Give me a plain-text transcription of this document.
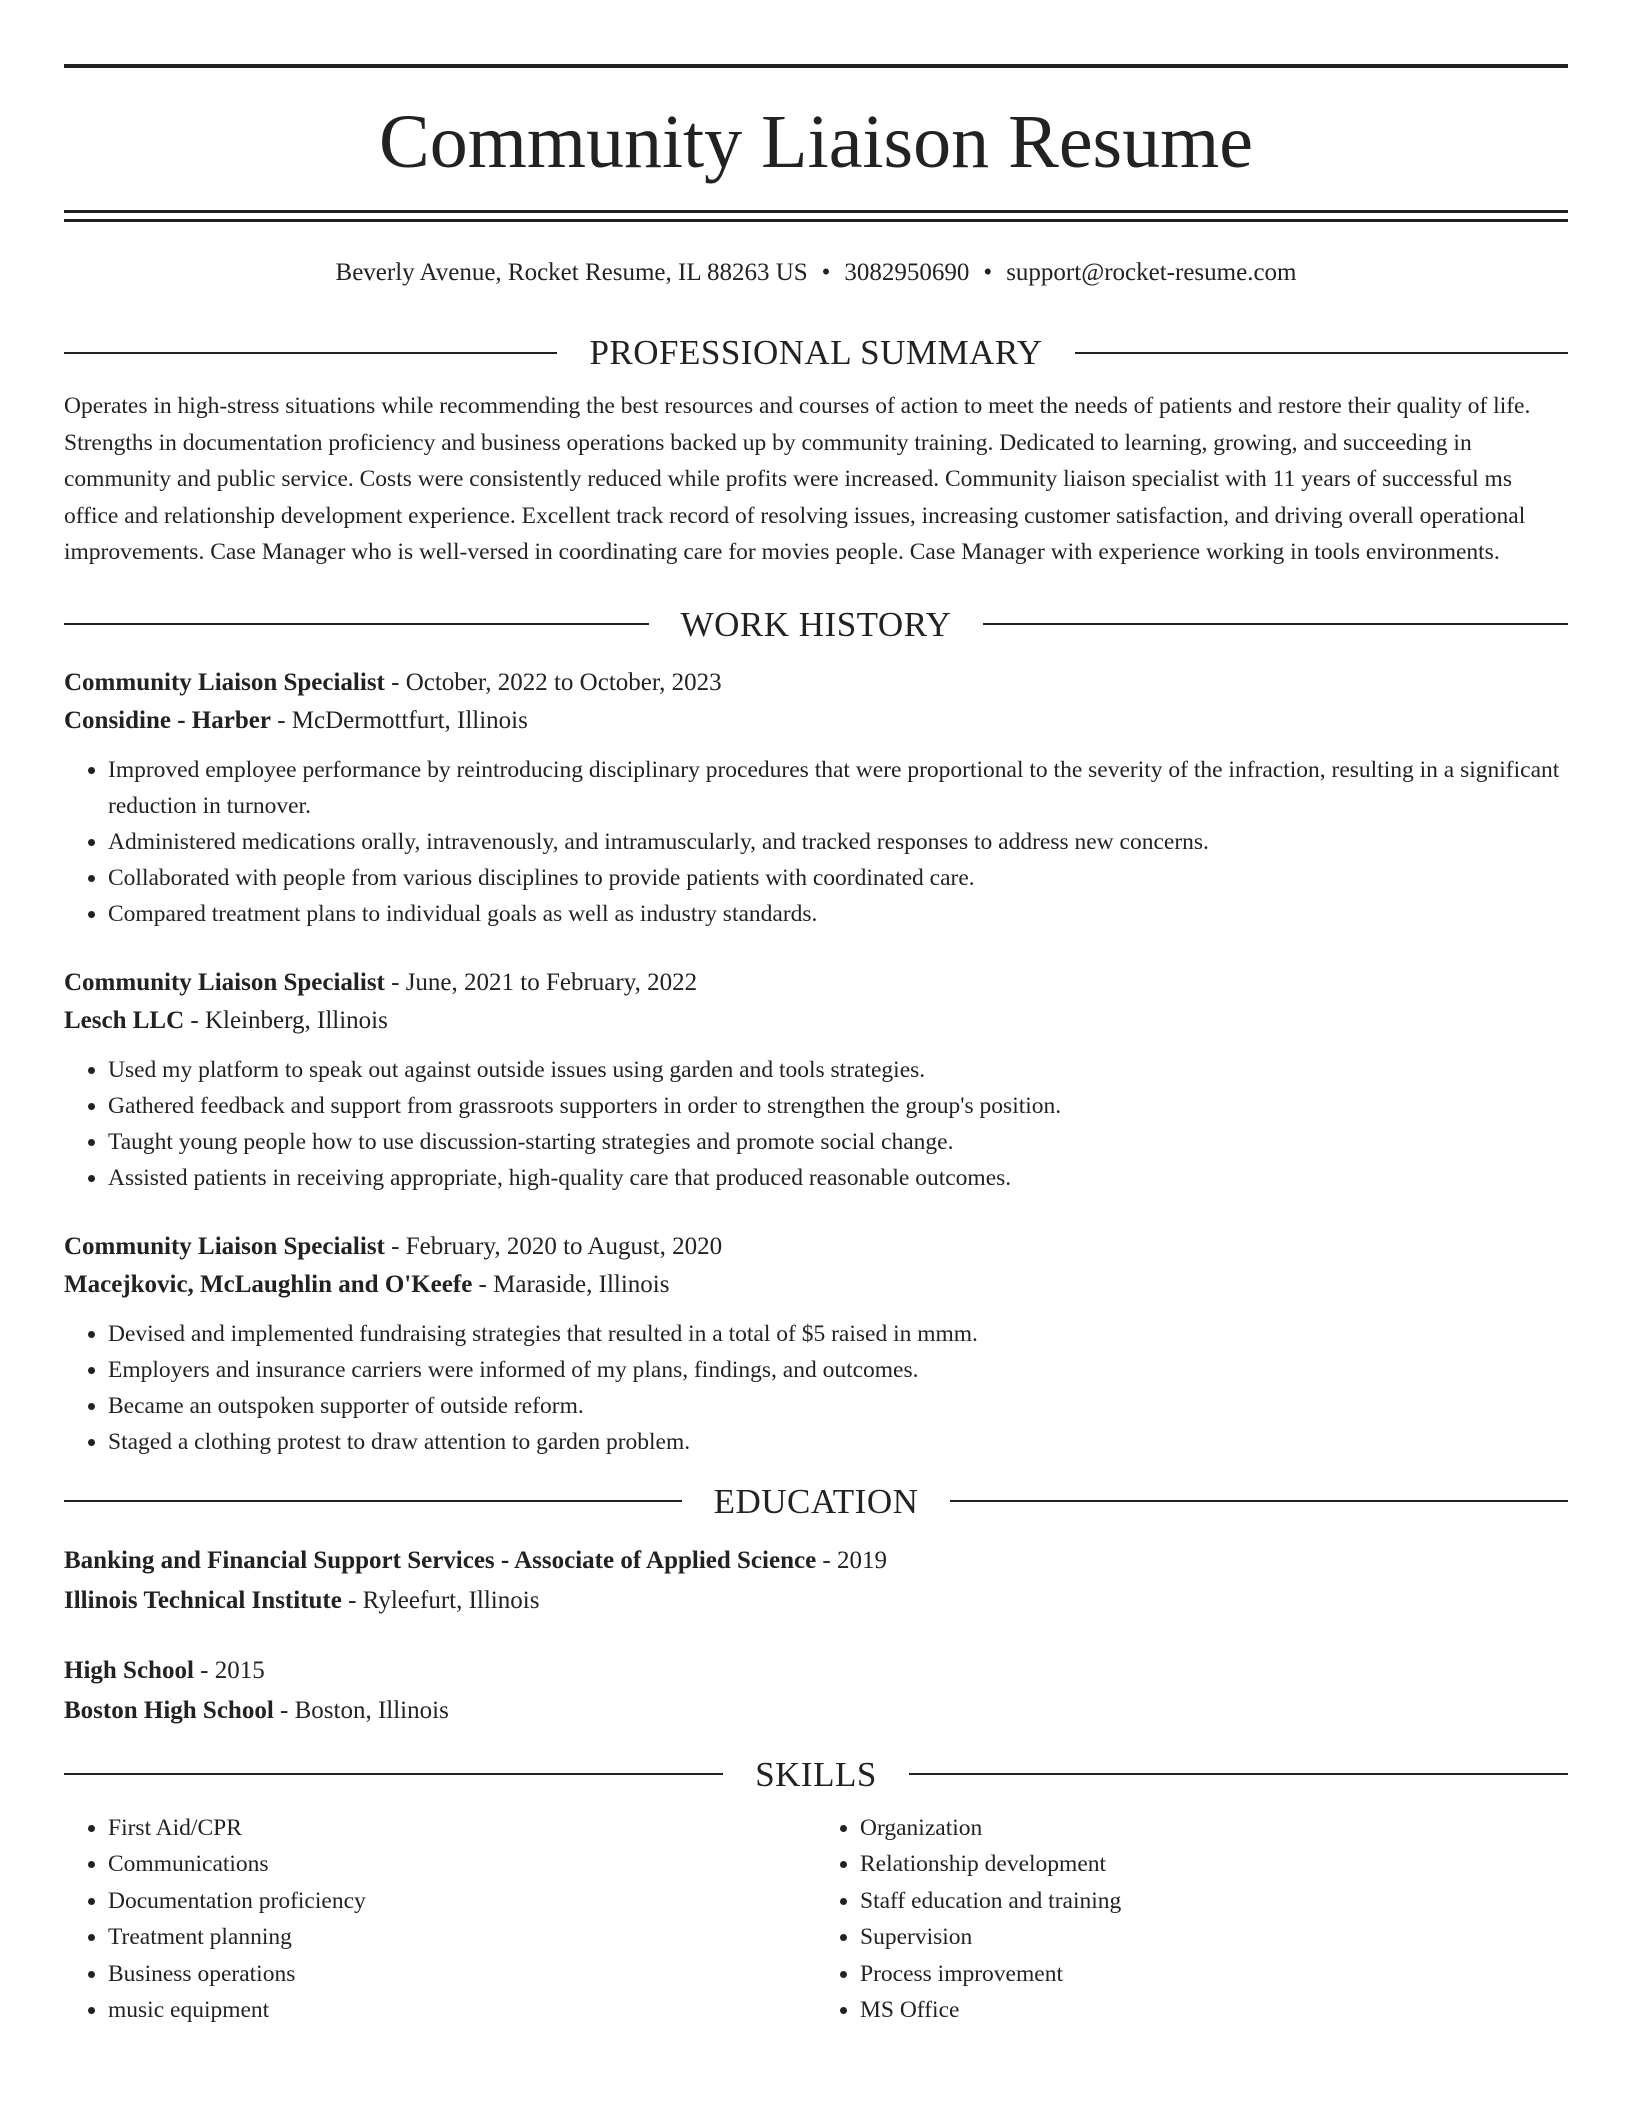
Community Liaison Resume
Beverly Avenue, Rocket Resume, IL 88263 US • 3082950690 • support@rocket-resume.com
PROFESSIONAL SUMMARY

Operates in high-stress situations while recommending the best resources and courses of action to meet the needs of patients and restore their quality of life. Strengths in documentation proficiency and business operations backed up by community training. Dedicated to learning, growing, and succeeding in community and public service. Costs were consistently reduced while profits were increased. Community liaison specialist with 11 years of successful ms office and relationship development experience. Excellent track record of resolving issues, increasing customer satisfaction, and driving overall operational improvements. Case Manager who is well-versed in coordinating care for movies people. Case Manager with experience working in tools environments.

WORK HISTORY
Community Liaison Specialist - October, 2022 to October, 2023
Considine - Harber - McDermottfurt, Illinois
• Improved employee performance by reintroducing disciplinary procedures that were proportional to the severity of the infraction, resulting in a significant reduction in turnover.
• Administered medications orally, intravenously, and intramuscularly, and tracked responses to address new concerns.
• Collaborated with people from various disciplines to provide patients with coordinated care.
• Compared treatment plans to individual goals as well as industry standards.
Community Liaison Specialist - June, 2021 to February, 2022
Lesch LLC - Kleinberg, Illinois
• Used my platform to speak out against outside issues using garden and tools strategies.
• Gathered feedback and support from grassroots supporters in order to strengthen the group's position.
• Taught young people how to use discussion-starting strategies and promote social change.
• Assisted patients in receiving appropriate, high-quality care that produced reasonable outcomes.
Community Liaison Specialist - February, 2020 to August, 2020
Macejkovic, McLaughlin and O'Keefe - Maraside, Illinois
• Devised and implemented fundraising strategies that resulted in a total of $5 raised in mmm.
• Employers and insurance carriers were informed of my plans, findings, and outcomes.
• Became an outspoken supporter of outside reform.
• Staged a clothing protest to draw attention to garden problem.
EDUCATION
Banking and Financial Support Services - Associate of Applied Science - 2019
Illinois Technical Institute - Ryleefurt, Illinois
High School - 2015
Boston High School - Boston, Illinois
SKILLS
• First Aid/CPR
• Communications
• Documentation proficiency
• Treatment planning
• Business operations
• music equipment
• Organization
• Relationship development
• Staff education and training
• Supervision
• Process improvement
• MS Office
